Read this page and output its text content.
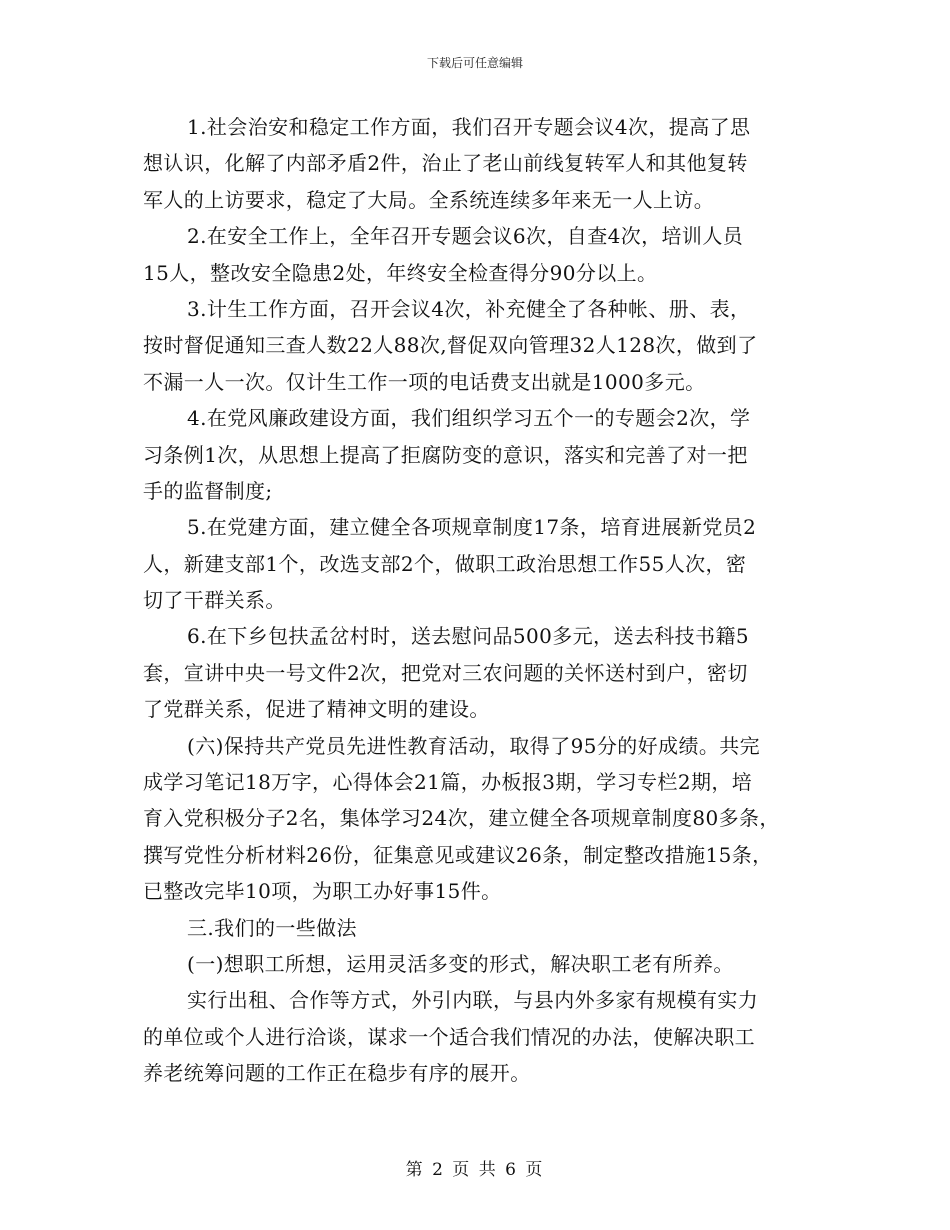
下载后可任意编辑
1.社会治安和稳定工作方面，我们召开专题会议4次，提高了思
想认识，化解了内部矛盾2件，治止了老山前线复转军人和其他复转
军人的上访要求，稳定了大局。全系统连续多年来无一人上访。
2.在安全工作上，全年召开专题会议6次，自查4次，培训人员
15人，整改安全隐患2处，年终安全检查得分90分以上。
3.计生工作方面，召开会议4次，补充健全了各种帐、册、表，
按时督促通知三查人数22人88次,督促双向管理32人128次，做到了
不漏一人一次。仅计生工作一项的电话费支出就是1000多元。
4.在党风廉政建设方面，我们组织学习五个一的专题会2次，学
习条例1次，从思想上提高了拒腐防变的意识，落实和完善了对一把
手的监督制度;
5.在党建方面，建立健全各项规章制度17条，培育进展新党员2
人，新建支部1个，改选支部2个，做职工政治思想工作55人次，密
切了干群关系。
6.在下乡包扶孟岔村时，送去慰问品500多元，送去科技书籍5
套，宣讲中央一号文件2次，把党对三农问题的关怀送村到户，密切
了党群关系，促进了精神文明的建设。
(六)保持共产党员先进性教育活动，取得了95分的好成绩。共完
成学习笔记18万字，心得体会21篇，办板报3期，学习专栏2期，培
育入党积极分子2名，集体学习24次，建立健全各项规章制度80多条，
撰写党性分析材料26份，征集意见或建议26条，制定整改措施15条，
已整改完毕10项，为职工办好事15件。
三.我们的一些做法
(一)想职工所想，运用灵活多变的形式，解决职工老有所养。
实行出租、合作等方式，外引内联，与县内外多家有规模有实力
的单位或个人进行洽谈，谋求一个适合我们情况的办法，使解决职工
养老统筹问题的工作正在稳步有序的展开。
第 2 页 共 6 页
